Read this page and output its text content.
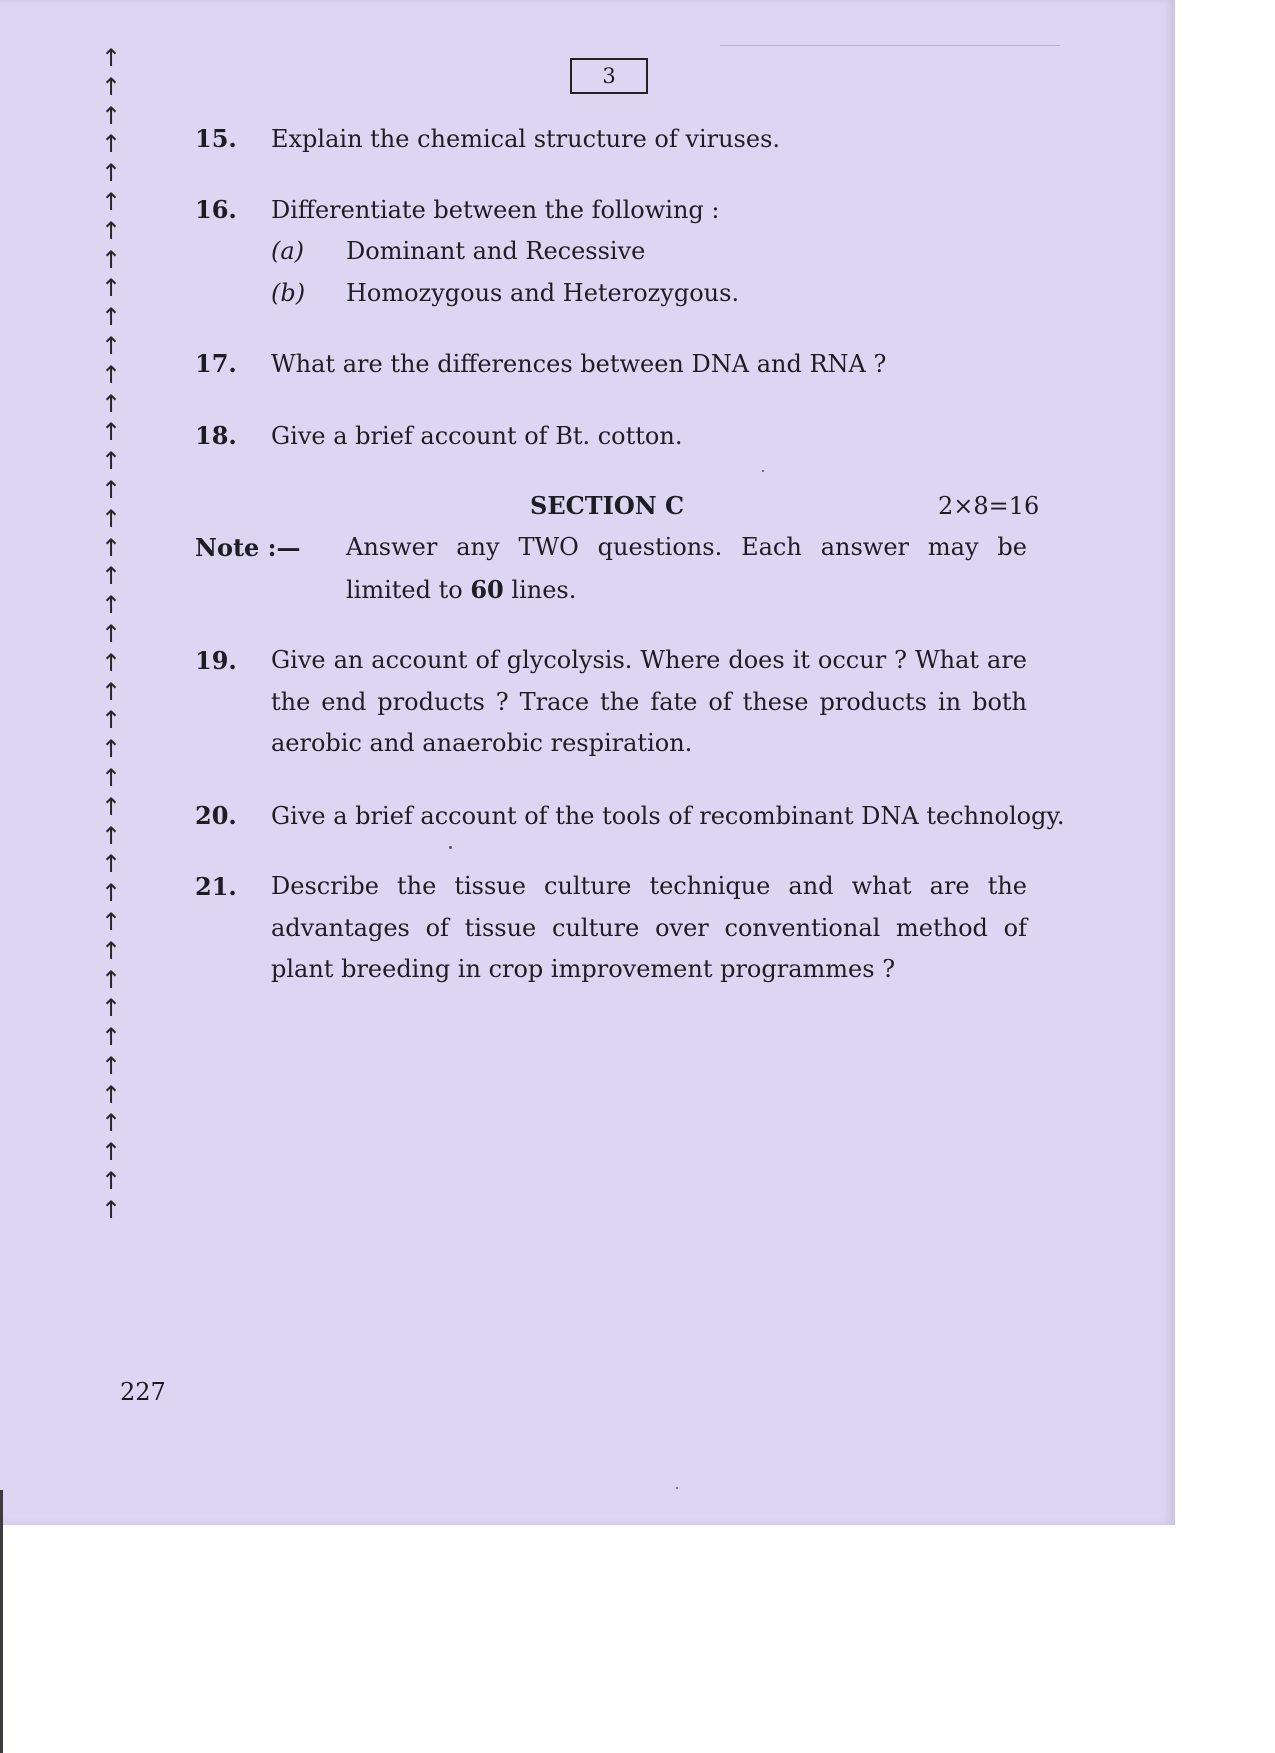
↑
↑
↑
↑
↑
↑
↑
↑
↑
↑
↑
↑
↑
↑
↑
↑
↑
↑
↑
↑
↑
↑
↑
↑
↑
↑
↑
↑
↑
↑
↑
↑
↑
↑
↑
↑
↑
↑
↑
↑
↑
3
15. Explain the chemical structure of viruses.
16. Differentiate between the following :
(a) Dominant and Recessive
(b) Homozygous and Heterozygous.
17. What are the differences between DNA and RNA ?
18. Give a brief account of Bt. cotton.
SECTION C	2×8=16
Note :— Answer any TWO questions. Each answer may be limited to 60 lines.
19. Give an account of glycolysis. Where does it occur ? What are the end products ? Trace the fate of these products in both aerobic and anaerobic respiration.
20. Give a brief account of the tools of recombinant DNA technology.
21. Describe the tissue culture technique and what are the advantages of tissue culture over conventional method of plant breeding in crop improvement programmes ?
227
